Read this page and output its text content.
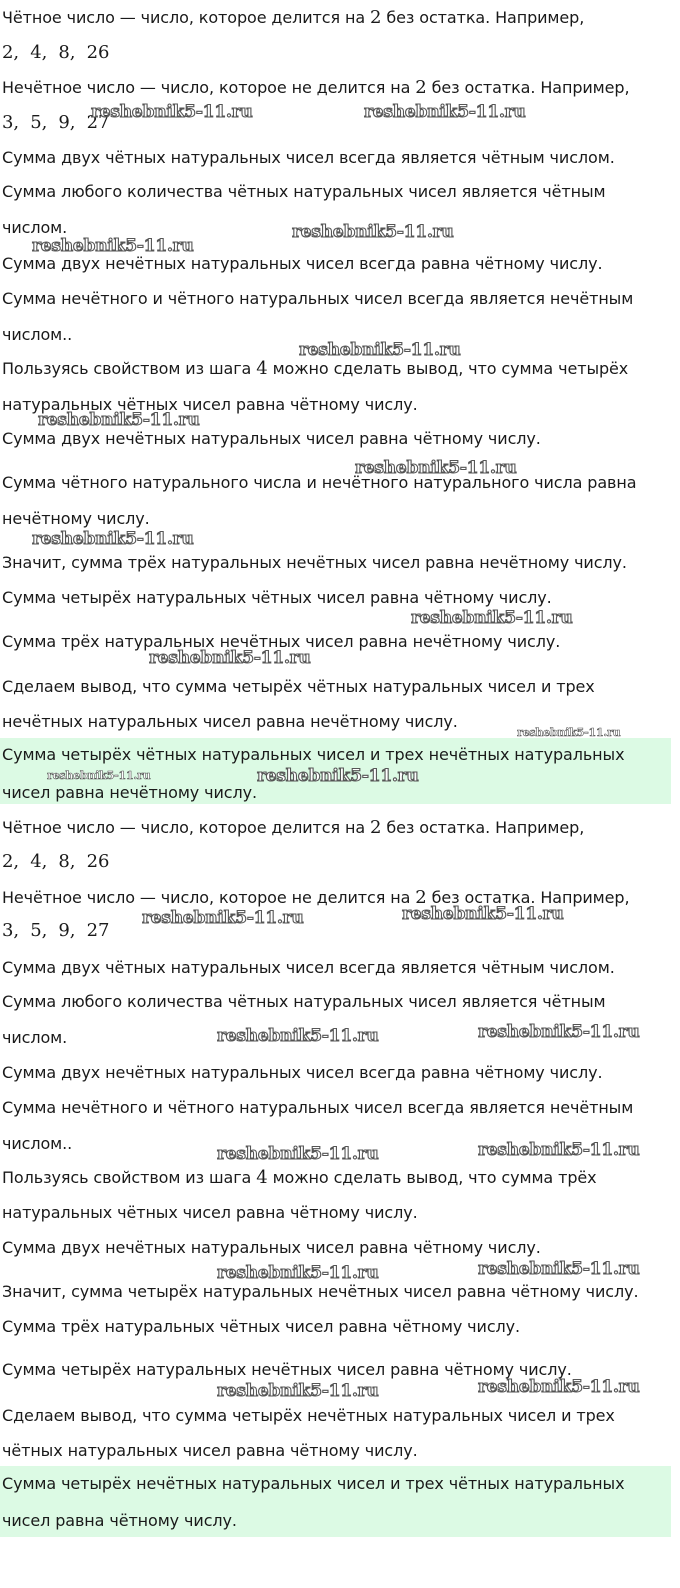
Чётное число — число, которое делится на 2 без остатка. Например,
2,  4,  8,  26
Нечётное число — число, которое не делится на 2 без остатка. Например,
3,  5,  9,  27
Сумма двух чётных натуральных чисел всегда является чётным числом.
Сумма любого количества чётных натуральных чисел является чётным
числом.
Сумма двух нечётных натуральных чисел всегда равна чётному числу.
Сумма нечётного и чётного натуральных чисел всегда является нечётным
числом..
Пользуясь свойством из шага 4 можно сделать вывод, что сумма четырёх
натуральных чётных чисел равна чётному числу.
Сумма двух нечётных натуральных чисел равна чётному числу.
Сумма чётного натурального числа и нечётного натурального числа равна
нечётному числу.
Значит, сумма трёх натуральных нечётных чисел равна нечётному числу.
Сумма четырёх натуральных чётных чисел равна чётному числу.
Сумма трёх натуральных нечётных чисел равна нечётному числу.
Сделаем вывод, что сумма четырёх чётных натуральных чисел и трех
нечётных натуральных чисел равна нечётному числу.
Сумма четырёх чётных натуральных чисел и трех нечётных натуральных
чисел равна нечётному числу.
Чётное число — число, которое делится на 2 без остатка. Например,
2,  4,  8,  26
Нечётное число — число, которое не делится на 2 без остатка. Например,
3,  5,  9,  27
Сумма двух чётных натуральных чисел всегда является чётным числом.
Сумма любого количества чётных натуральных чисел является чётным
числом.
Сумма двух нечётных натуральных чисел всегда равна чётному числу.
Сумма нечётного и чётного натуральных чисел всегда является нечётным
числом..
Пользуясь свойством из шага 4 можно сделать вывод, что сумма трёх
натуральных чётных чисел равна чётному числу.
Сумма двух нечётных натуральных чисел равна чётному числу.
Значит, сумма четырёх натуральных нечётных чисел равна чётному числу.
Сумма трёх натуральных чётных чисел равна чётному числу.
Сумма четырёх натуральных нечётных чисел равна чётному числу.
Сделаем вывод, что сумма четырёх нечётных натуральных чисел и трех
чётных натуральных чисел равна чётному числу.
Сумма четырёх нечётных натуральных чисел и трех чётных натуральных
чисел равна чётному числу.
reshebnik5-11.ru	reshebnik5-11.ru
reshebnik5-11.ru
reshebnik5-11.ru
reshebnik5-11.ru
reshebnik5-11.ru
reshebnik5-11.ru
reshebnik5-11.ru
reshebnik5-11.ru
reshebnik5-11.ru
reshebnik5-11.ru
reshebnik5-11.ru	reshebnik5-11.ru
reshebnik5-11.ru	reshebnik5-11.ru
reshebnik5-11.ru	reshebnik5-11.ru
reshebnik5-11.ru	reshebnik5-11.ru
reshebnik5-11.ru	reshebnik5-11.ru
reshebnik5-11.ru	reshebnik5-11.ru
